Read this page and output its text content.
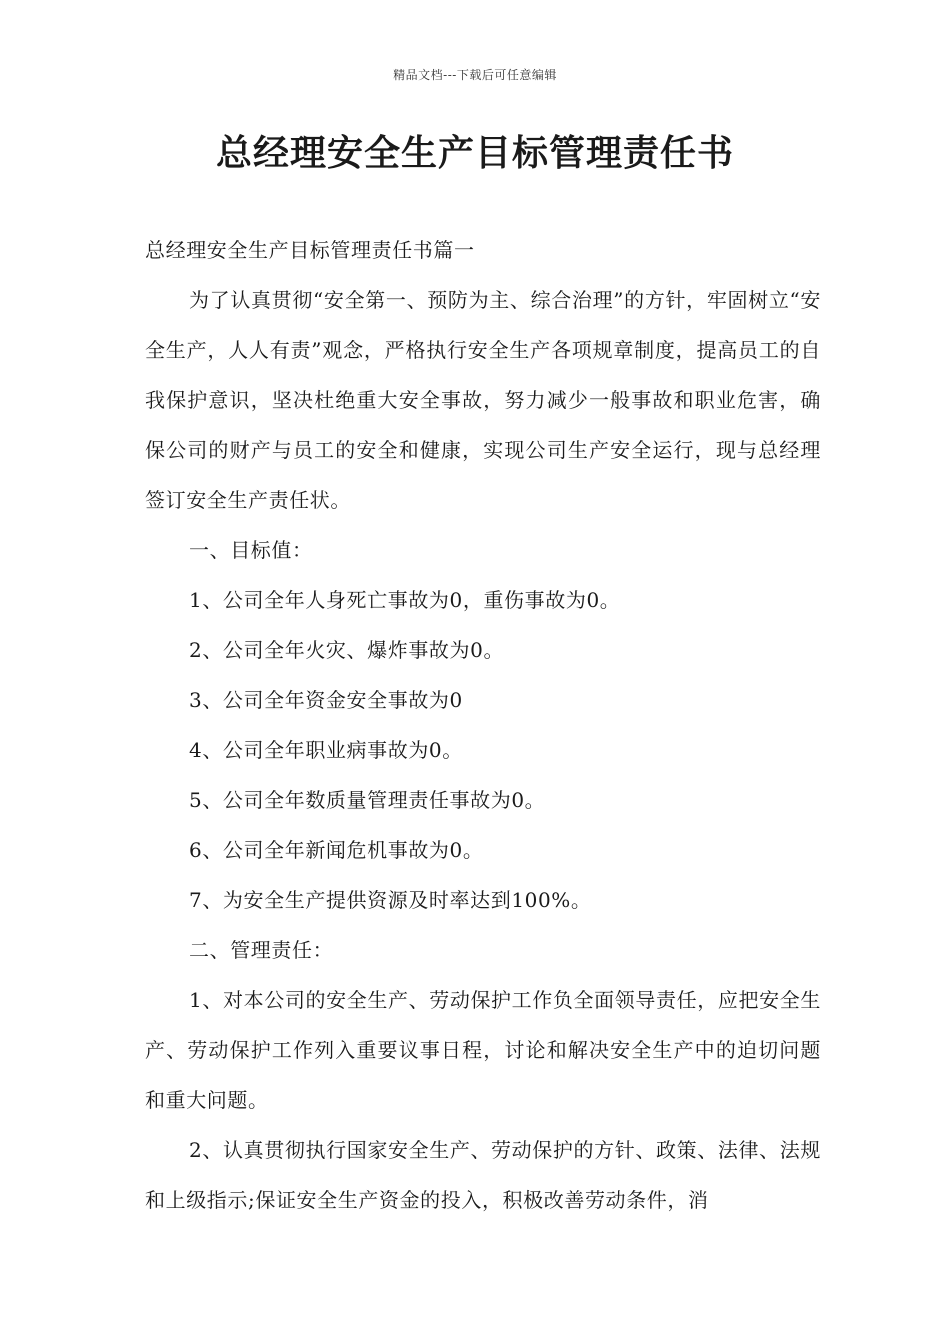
精品文档---下载后可任意编辑
总经理安全生产目标管理责任书

总经理安全生产目标管理责任书篇一

为了认真贯彻“安全第一、预防为主、综合治理”的方针，牢固树立“安全生产，人人有责”观念，严格执行安全生产各项规章制度，提高员工的自我保护意识，坚决杜绝重大安全事故，努力减少一般事故和职业危害，确保公司的财产与员工的安全和健康，实现公司生产安全运行，现与总经理签订安全生产责任状。

一、目标值：

1、公司全年人身死亡事故为0，重伤事故为0。

2、公司全年火灾、爆炸事故为0。

3、公司全年资金安全事故为0

4、公司全年职业病事故为0。

5、公司全年数质量管理责任事故为0。

6、公司全年新闻危机事故为0。

7、为安全生产提供资源及时率达到100%。

二、管理责任：

1、对本公司的安全生产、劳动保护工作负全面领导责任，应把安全生产、劳动保护工作列入重要议事日程，讨论和解决安全生产中的迫切问题和重大问题。

2、认真贯彻执行国家安全生产、劳动保护的方针、政策、法律、法规和上级指示;保证安全生产资金的投入，积极改善劳动条件，消
